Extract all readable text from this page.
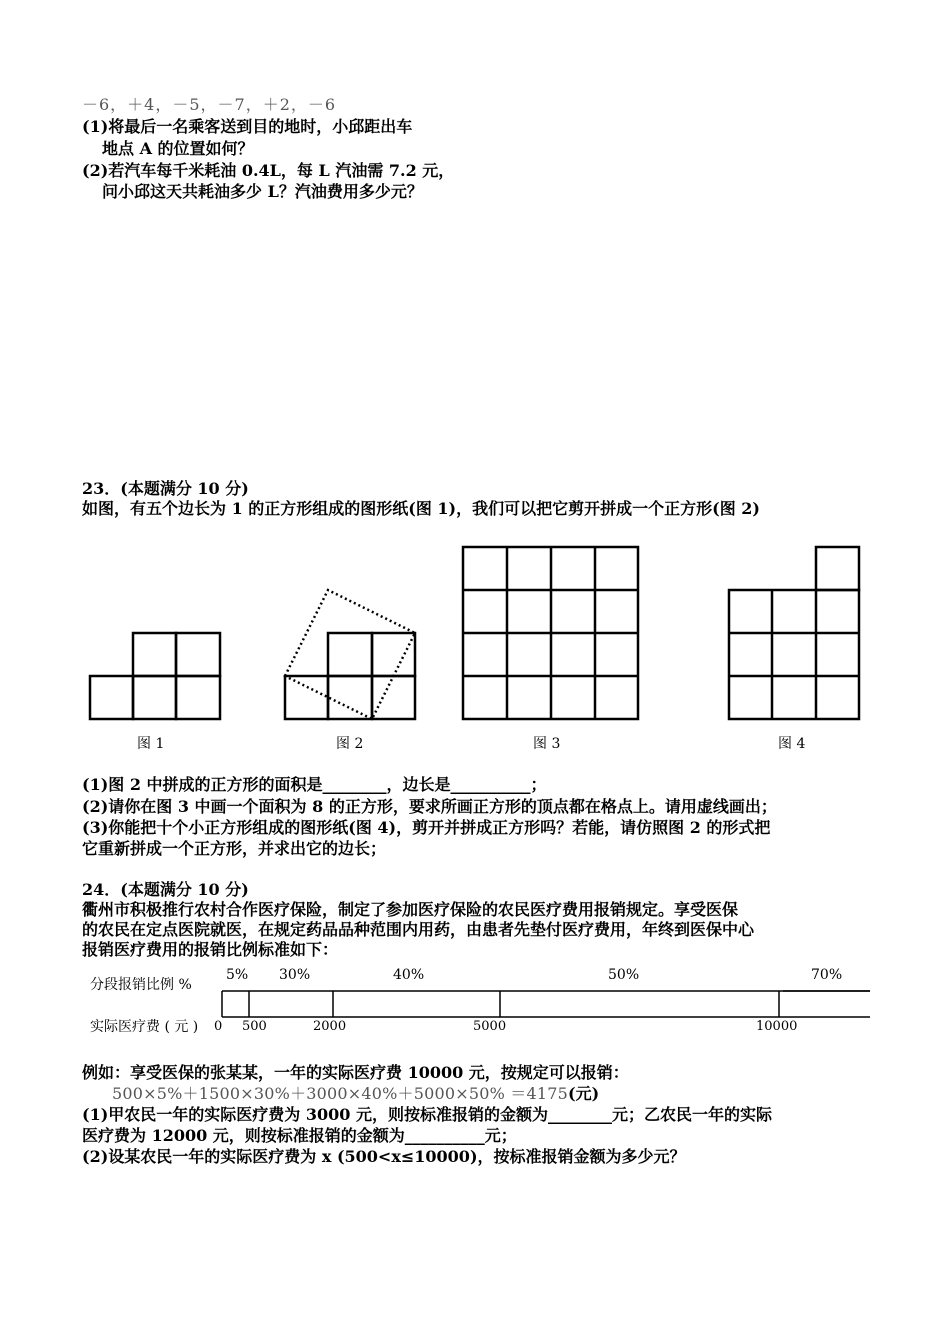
－6，＋4，－5，－7，＋2，－6
(1)将最后一名乘客送到目的地时，小邱距出车
地点 A 的位置如何？
(2)若汽车每千米耗油 0.4L，每 L 汽油需 7.2 元，
问小邱这天共耗油多少 L？汽油费用多少元？
23．(本题满分 10 分)
如图，有五个边长为 1 的正方形组成的图形纸(图 1)，我们可以把它剪开拼成一个正方形(图 2)
图 1	图 2	图 3	图 4
(1)图 2 中拼成的正方形的面积是________，边长是__________；
(2)请你在图 3 中画一个面积为 8 的正方形，要求所画正方形的顶点都在格点上。请用虚线画出；
(3)你能把十个小正方形组成的图形纸(图 4)，剪开并拼成正方形吗？若能，请仿照图 2 的形式把
它重新拼成一个正方形，并求出它的边长；
24．(本题满分 10 分)
衢州市积极推行农村合作医疗保险，制定了参加医疗保险的农民医疗费用报销规定。享受医保
的农民在定点医院就医，在规定药品品种范围内用药，由患者先垫付医疗费用，年终到医保中心
报销医疗费用的报销比例标准如下：
分段报销比例 %
实际医疗费 ( 元 )
5% 30%	40%	50%	70%
0 500	2000	5000	10000
例如：享受医保的张某某，一年的实际医疗费 10000 元，按规定可以报销：
500×5%＋1500×30%＋3000×40%＋5000×50% ＝4175(元)
(1)甲农民一年的实际医疗费为 3000 元，则按标准报销的金额为________元；乙农民一年的实际
医疗费为 12000 元，则按标准报销的金额为__________元；
(2)设某农民一年的实际医疗费为 x (500<x≤10000)，按标准报销金额为多少元？
